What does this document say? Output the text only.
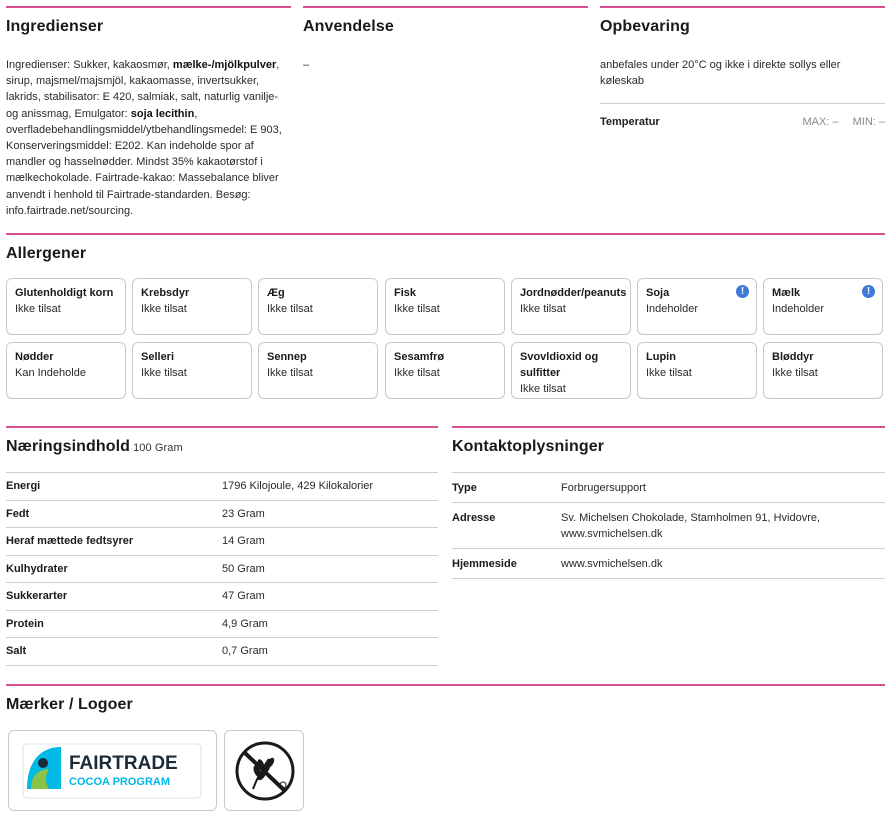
Ingredienser
Ingredienser: Sukker, kakaosmør, mælke-/mjölkpulver, sirup, majsmel/majsmjöl, kakaomasse, invertsukker, lakrids, stabilisator: E 420, salmiak, salt, naturlig vanilje- og anissmag, Emulgator: soja lecithin, overfladebehandlingsmiddel/ytbehandlingsmedel: E 903, Konserveringsmiddel: E202. Kan indeholde spor af mandler og hasselnødder. Mindst 35% kakaotørstof i mælkechokolade. Fairtrade-kakao: Massebalance bliver anvendt i henhold til Fairtrade-standarden. Besøg: info.fairtrade.net/sourcing.
Anvendelse
–
Opbevaring
anbefales under 20°C og ikke i direkte sollys eller køleskab
Temperatur	MAX: – MIN: –
Allergener
Glutenholdigt korn
Ikke tilsat
Krebsdyr
Ikke tilsat
Æg
Ikke tilsat
Fisk
Ikke tilsat
Jordnødder/peanuts
Ikke tilsat
Soja
Indeholder
!	Mælk
Indeholder
!
Nødder
Kan Indeholde
Selleri
Ikke tilsat
Sennep
Ikke tilsat
Sesamfrø
Ikke tilsat
Svovldioxid og sulfitter
Ikke tilsat
Lupin
Ikke tilsat
Bløddyr
Ikke tilsat
Næringsindhold 100 Gram
Energi	1796 Kilojoule, 429 Kilokalorier
Fedt	23 Gram
Heraf mættede fedtsyrer	14 Gram
Kulhydrater	50 Gram
Sukkerarter	47 Gram
Protein	4,9 Gram
Salt	0,7 Gram
Kontaktoplysninger
Type	Forbrugersupport
Adresse	Sv. Michelsen Chokolade, Stamholmen 91, Hvidovre, www.svmichelsen.dk
Hjemmeside	www.svmichelsen.dk
Mærker / Logoer
FAIRTRADE
COCOA PROGRAM
